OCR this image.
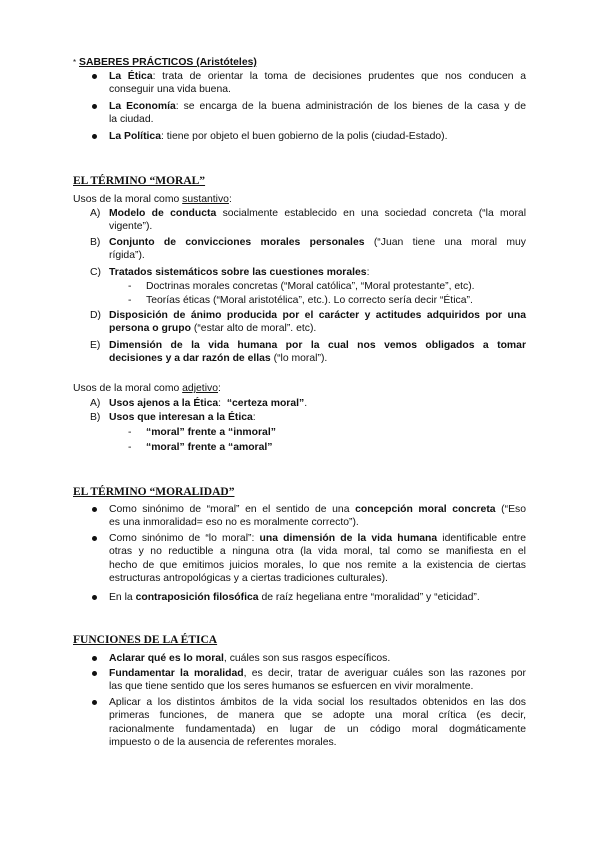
* SABERES PRÁCTICOS (Aristóteles)
La Ética: trata de orientar la toma de decisiones prudentes que nos conducen a
conseguir una vida buena.
La Economía: se encarga de la buena administración de los bienes de la casa y de
la ciudad.
La Política: tiene por objeto el buen gobierno de la polis (ciudad-Estado).
EL TÉRMINO “MORAL”
Usos de la moral como sustantivo:
A) Modelo de conducta socialmente establecido en una sociedad concreta (“la moral
vigente”).
B) Conjunto de convicciones morales personales (“Juan tiene una moral muy
rígida”).
C) Tratados sistemáticos sobre las cuestiones morales:
- Doctrinas morales concretas (“Moral católica”, “Moral protestante”, etc).
- Teorías éticas (“Moral aristotélica”, etc.). Lo correcto sería decir “Ética”.
D) Disposición de ánimo producida por el carácter y actitudes adquiridos por una
persona o grupo (“estar alto de moral”. etc).
E) Dimensión de la vida humana por la cual nos vemos obligados a tomar
decisiones y a dar razón de ellas (“lo moral”).
Usos de la moral como adjetivo:
A) Usos ajenos a la Ética:  “certeza moral”.
B) Usos que interesan a la Ética:
- “moral” frente a “inmoral”
- “moral” frente a “amoral”
EL TÉRMINO “MORALIDAD”
Como sinónimo de “moral” en el sentido de una concepción moral concreta (“Eso
es una inmoralidad= eso no es moralmente correcto”).
Como sinónimo de “lo moral”: una dimensión de la vida humana identificable entre
otras y no reductible a ninguna otra (la vida moral, tal como se manifiesta en el
hecho de que emitimos juicios morales, lo que nos remite a la existencia de ciertas
estructuras antropológicas y a ciertas tradiciones culturales).
En la contraposición filosófica de raíz hegeliana entre “moralidad” y “eticidad”.
FUNCIONES DE LA ÉTICA
Aclarar qué es lo moral, cuáles son sus rasgos específicos.
Fundamentar la moralidad, es decir, tratar de averiguar cuáles son las razones por
las que tiene sentido que los seres humanos se esfuercen en vivir moralmente.
Aplicar a los distintos ámbitos de la vida social los resultados obtenidos en las dos
primeras funciones, de manera que se adopte una moral crítica (es decir,
racionalmente fundamentada) en lugar de un código moral dogmáticamente
impuesto o de la ausencia de referentes morales.
